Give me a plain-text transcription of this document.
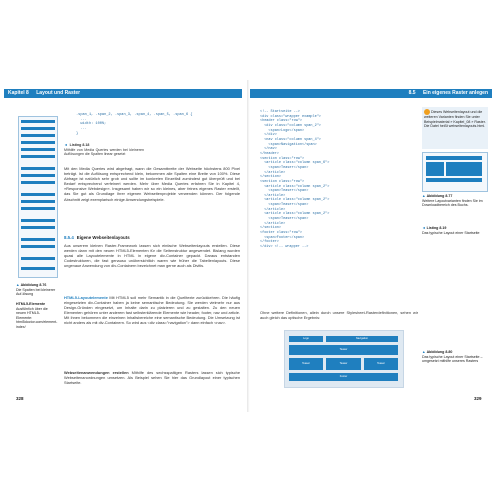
Kapitel 8 Layout und Raster
▲Abbildung 8.76
Die Spalten bei kleinerer Auf-lösung
HTML5-Elemente
Ausführlich über die neuen HTML5-Elemente: html5doctor.com/element-index/
.span_1, .span_2, .span_3, .span_4, .span_5, .span_6 {
...
width: 100%;
...
}
◄ Listing 8.18
Mithilfe von Media Queries werden bei kleineren Auflösungen die Spalten linear gesetzt
Mit den Media Queries wird abgefragt, wann die Gesamtbreite der Webseite höchstens 800 Pixel beträgt. Ist die Auflösung entsprechend klein, bekommen alle Spalten eine Breite von 100%. Diese Abfrage ist natürlich sehr grob und sollte im konkreten Einzelfall zumindest gut überprüft und bei Bedarf entsprechend verfeinert werden. Mehr über Media Queries erfahren Sie in Kapitel 4, »Responsive Webdesign«. Insgesamt haben wir so ein kleines, aber feines eigenes Raster erstellt, das Sie gut als Grundlage Ihrer eigenen Webseitenprojekte verwenden können. Der folgende Abschnitt zeigt exemplarisch einige Anwendungsbeispiele.
8.5.4 Eigene Webseitenlayouts
Aus unserem kleinen Raster-Framework lassen sich einfache Webseitenlayouts erstellen. Diese werden dann mit den neuen HTML5-Elementen für die Seitenstruktur angewendet. Bislang wurden quasi alle Layoutelemente in HTML in eigene div-Container gepackt. Daraus entstanden Codestrukturen, die fast genauso unübersichtlich waren wie früher die Tabellenlayouts. Diese ungenaue Anwendung von div-Containern bezeichnet man gerne auch als Divitis.
HTML5-Layoutelemente Mit HTML5 soll mehr Semantik in die Quelltexte zurückkehren. Die häufig eingesetzten div-Container haben ja keine semantische Bedeutung. Sie werden vielmehr nur aus Design-Gründen eingesetzt, um Inhalte darin zu platzieren und zu gestalten. Zu den neuen Elementen gehören unter anderem fast selbsterklärende Elemente wie header, footer, nav und article. Mit ihnen bekommen die einzelnen Inhaltsbereiche eine semantische Bedeutung. Die Umsetzung ist nicht anders als mit div-Containern. So wird aus <div class="navigation"> dann einfach <nav>.
Webseitenanwendungen erstellen Mithilfe des sechsspaltigen Rasters lassen sich typische Webseitenanordnungen umsetzen. Als Beispiel sehen Sie hier das Grundlayout einer typischen Startseite.
328
8.5 Ein eigenes Raster anlegen
<!-- Startseite -->
<div class="wrapper example">
<header class="row">
<div class="column span_2">
<span>Logo</span>
</div>
<nav class="column span_4">
<span>Navigation</span>
</nav>
</header>
<section class="row">
<article class="column span_6">
<span>Teaser</span>
</article>
</section>
<section class="row">
<article class="column span_2">
<span>Teaser</span>
</article>
<article class="column span_2">
<span>Teaser</span>
</article>
<article class="column span_2">
<span>Teaser</span>
</article>
</section>
<footer class="row">
<span>Footer</span>
</footer>
</div> <!-- wrapper -->
Dieses Webseitenlayout und die weiteren Varianten finden Sie unter Beispielmaterial » Kapitel_08 » Raster. Die Datei heißt webseitenlayouts.html.
▲Abbildung 8.77
Weitere Layoutvarianten finden Sie im Downloadbereich des Buchs.
◄Listing 8.19
Das typische Layout einer Startseite
Ohne weitere Definitionen, allein durch unsere Stylesheet-Rasterdefinitionen, sehen wir auch gleich das optische Ergebnis:
Logo	Navigation
Teaser
Teaser	Teaser	Teaser
Footer
▲Abbildung 8.80
Das typische Layout einer Startseite – umgesetzt mithilfe unseres Rasters
329
